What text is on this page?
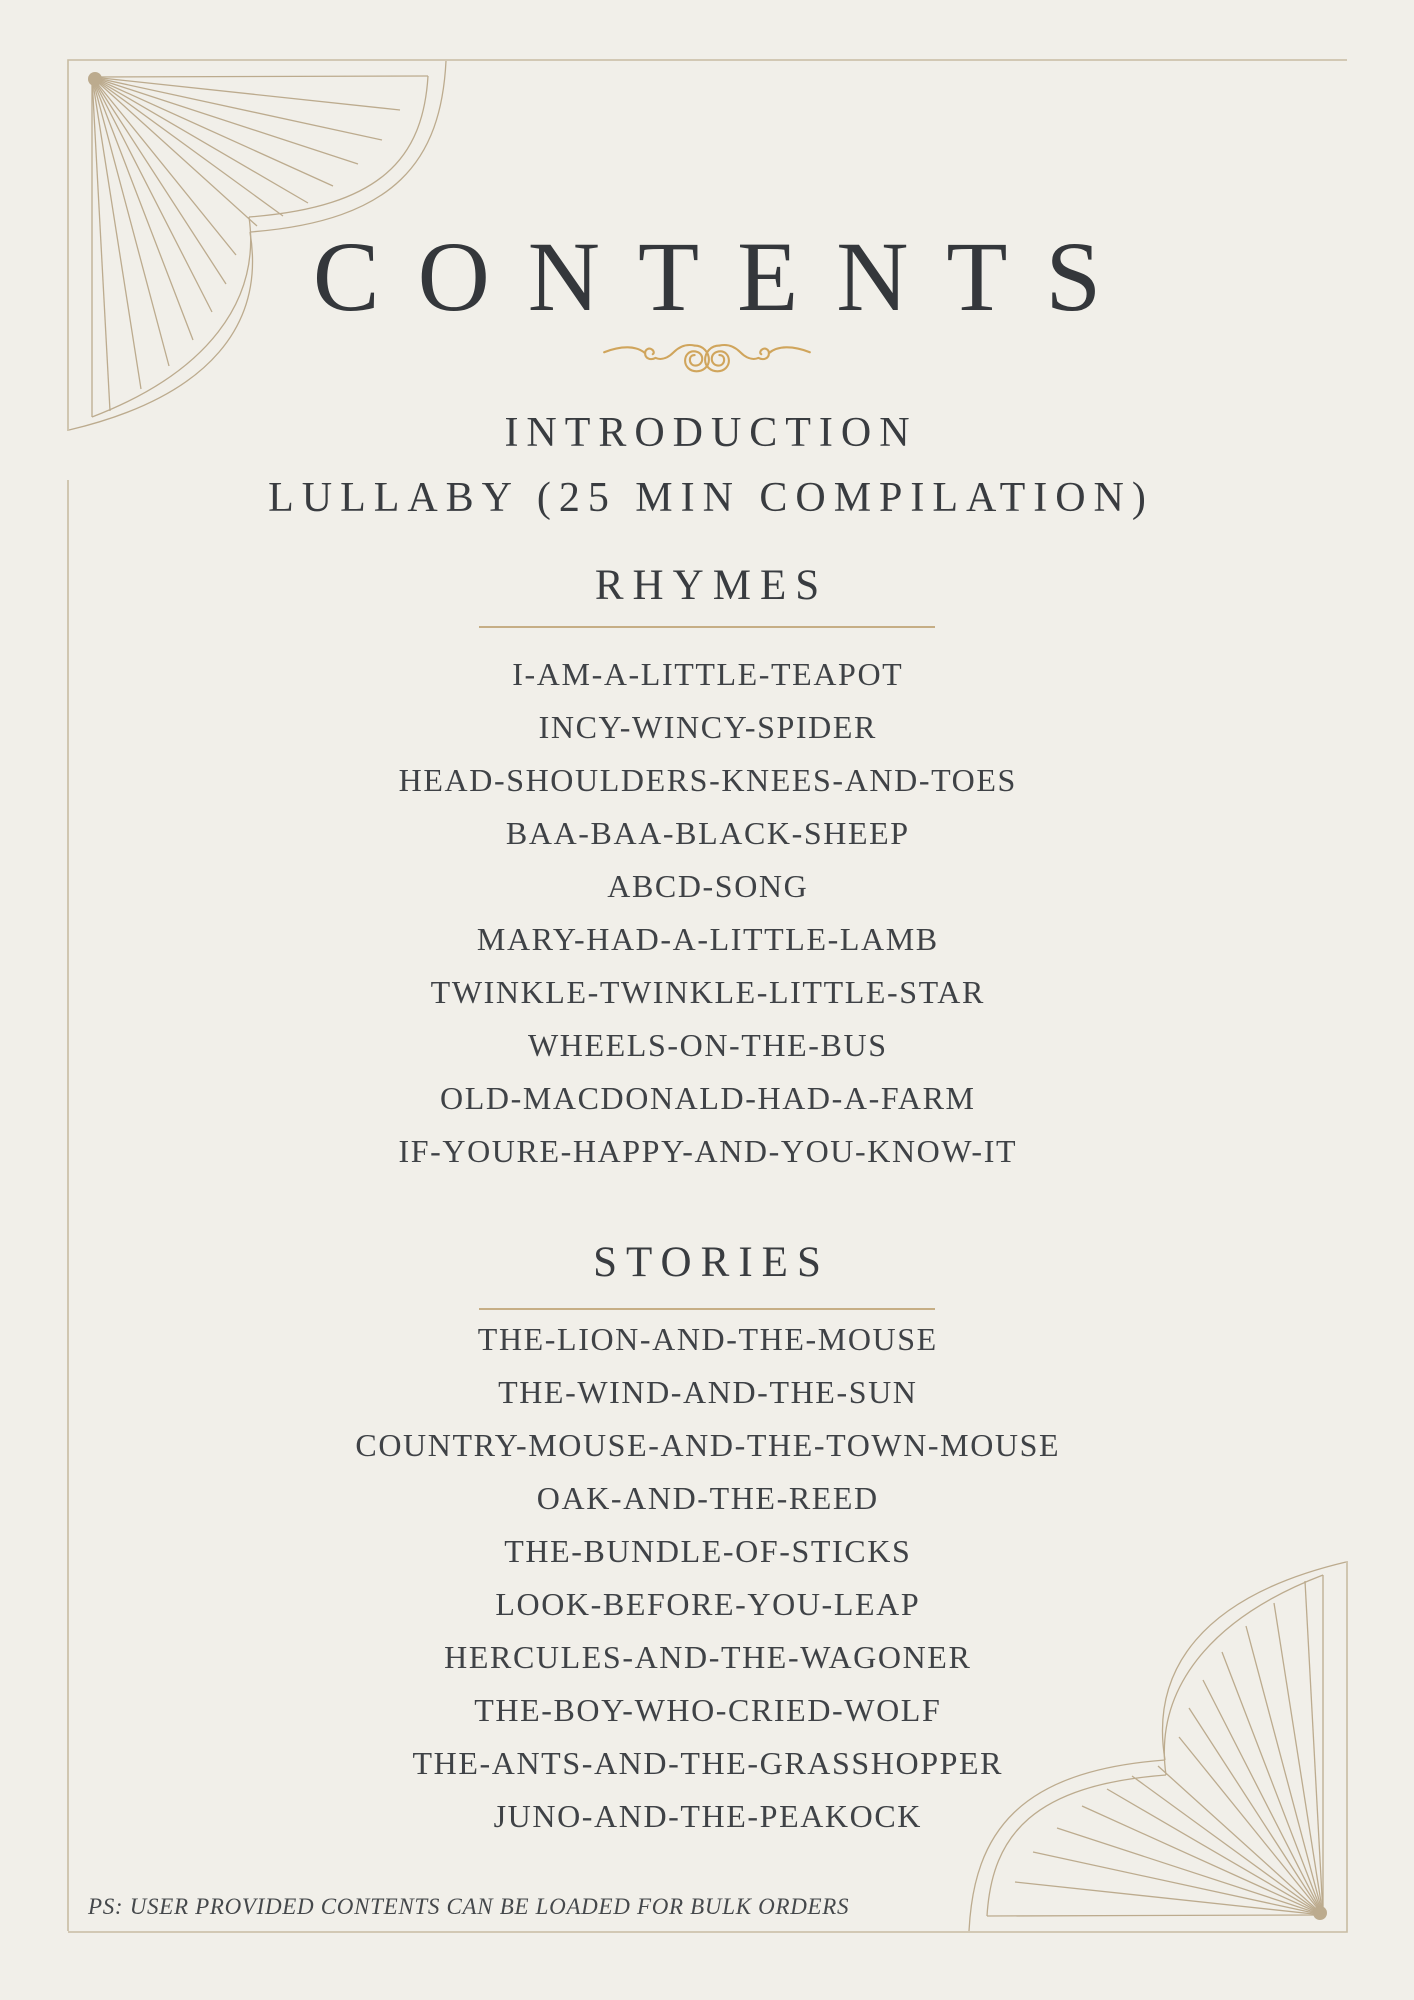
CONTENTS
INTRODUCTION
LULLABY (25 MIN COMPILATION)
RHYMES
I-AM-A-LITTLE-TEAPOT
INCY-WINCY-SPIDER
HEAD-SHOULDERS-KNEES-AND-TOES
BAA-BAA-BLACK-SHEEP
ABCD-SONG
MARY-HAD-A-LITTLE-LAMB
TWINKLE-TWINKLE-LITTLE-STAR
WHEELS-ON-THE-BUS
OLD-MACDONALD-HAD-A-FARM
IF-YOURE-HAPPY-AND-YOU-KNOW-IT
STORIES
THE-LION-AND-THE-MOUSE
THE-WIND-AND-THE-SUN
COUNTRY-MOUSE-AND-THE-TOWN-MOUSE
OAK-AND-THE-REED
THE-BUNDLE-OF-STICKS
LOOK-BEFORE-YOU-LEAP
HERCULES-AND-THE-WAGONER
THE-BOY-WHO-CRIED-WOLF
THE-ANTS-AND-THE-GRASSHOPPER
JUNO-AND-THE-PEAKOCK
PS: USER PROVIDED CONTENTS CAN BE LOADED FOR BULK ORDERS
